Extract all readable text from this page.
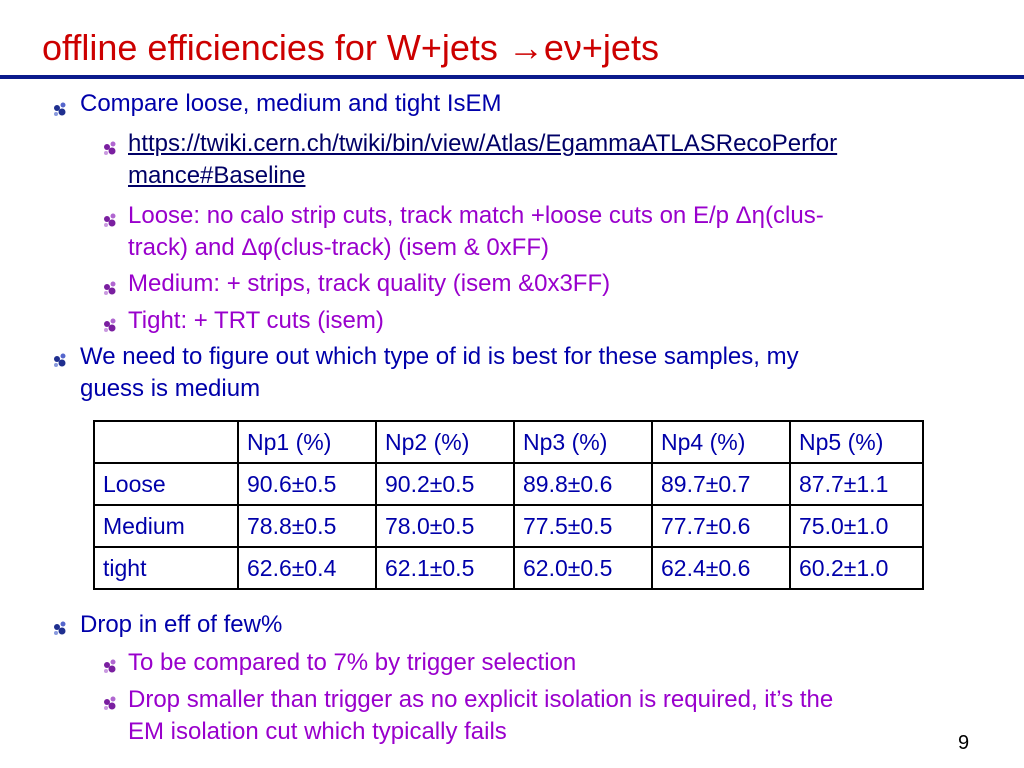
offline efficiencies for W+jets →eν+jets
Compare loose, medium and tight IsEM
https://twiki.cern.ch/twiki/bin/view/Atlas/EgammaATLASRecoPerfor
mance#Baseline
Loose: no calo strip cuts, track match +loose cuts on E/p Δη(clus-
track) and Δφ(clus-track) (isem & 0xFF)
Medium: + strips, track quality (isem &0x3FF)
Tight: + TRT cuts (isem)
We need to figure out which type of id is best for these samples, my
guess is medium
	Np1 (%)	Np2 (%)	Np3 (%)	Np4 (%)	Np5 (%)
Loose	90.6±0.5	90.2±0.5	89.8±0.6	89.7±0.7	87.7±1.1
Medium	78.8±0.5	78.0±0.5	77.5±0.5	77.7±0.6	75.0±1.0
tight	62.6±0.4	62.1±0.5	62.0±0.5	62.4±0.6	60.2±1.0
Drop in eff of few%
To be compared to 7% by trigger selection
Drop smaller than trigger as no explicit isolation is required, it’s the
EM isolation cut which typically fails	9
